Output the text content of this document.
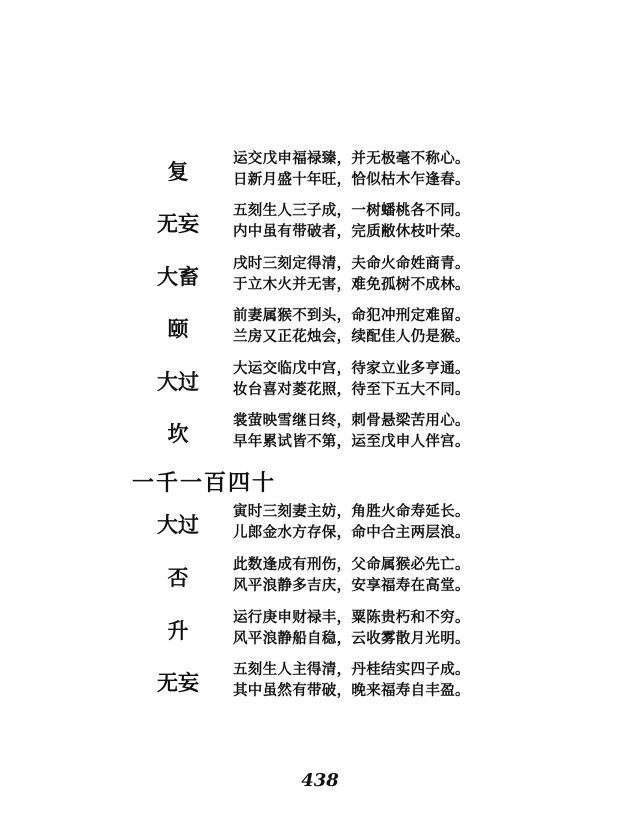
复
运交戊申福禄臻，并无极毫不称心。
日新月盛十年旺，恰似枯木乍逢春。
无妄
五刻生人三子成，一树蟠桃各不同。
内中虽有带破者，完质敝休枝叶荣。
大畜
戌时三刻定得清，夫命火命姓商青。
于立木火并无害，难免孤树不成林。
颐
前妻属猴不到头，命犯冲刑定难留。
兰房又正花烛会，续配佳人仍是猴。
大过
大运交临戊中宫，待家立业多亨通。
妆台喜对菱花照，待至下五大不同。
坎
裳萤映雪继日终，刺骨悬梁苦用心。
早年累试皆不第，运至戊申人伴宫。
一千一百四十
大过
寅时三刻妻主妨，角胜火命寿延长。
儿郎金水方存保，命中合主两层浪。
否
此数逢成有刑伤，父命属猴必先亡。
风平浪静多吉庆，安享福寿在高堂。
升
运行庚申财禄丰，粟陈贵朽和不穷。
风平浪静船自稳，云收雾散月光明。
无妄
五刻生人主得清，丹桂结实四子成。
其中虽然有带破，晚来福寿自丰盈。
438
